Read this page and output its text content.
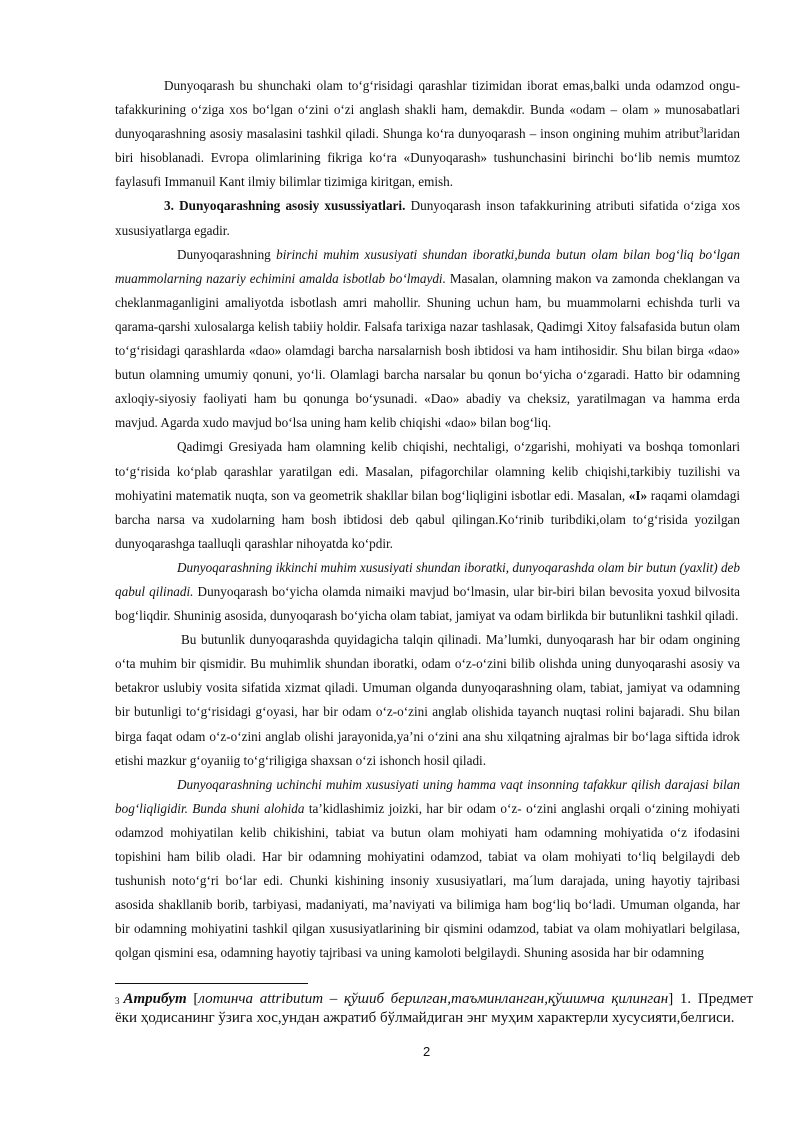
Dunyoqarash bu shunchaki olam to‘g‘risidagi qarashlar tizimidan iborat emas,balki unda odamzod ongu-tafakkurining o‘ziga xos bo‘lgan o‘zini o‘zi anglash shakli ham, demakdir. Bunda «odam – olam » munosabatlari dunyoqarashning asosiy masalasini tashkil qiladi. Shunga ko‘ra dunyoqarash – inson ongining muhim atribut$^3$laridan biri hisoblanadi. Evropa olimlarining fikriga ko‘ra «Dunyoqarash» tushunchasini birinchi bo‘lib nemis mumtoz faylasufi Immanuil Kant ilmiy bilimlar tizimiga kiritgan, emish.

3. Dunyoqarashning asosiy xusussiyatlari. Dunyoqarash inson tafakkurining atributi sifatida o‘ziga xos xususiyatlarga egadir.

Dunyoqarashning birinchi muhim xususiyati shundan iboratki,bunda butun olam bilan bog‘liq bo‘lgan muammolarning nazariy echimini amalda isbotlab bo‘lmaydi. Masalan, olamning makon va zamonda cheklangan va cheklanmaganligini amaliyotda isbotlash amri mahollir. Shuning uchun ham, bu muammolarni echishda turli va qarama-qarshi xulosalarga kelish tabiiy holdir. Falsafa tarixiga nazar tashlasak, Qadimgi Xitoy falsafasida butun olam to‘g‘risidagi qarashlarda «dao» olamdagi barcha narsalarnish bosh ibtidosi va ham intihosidir. Shu bilan birga «dao» butun olamning umumiy qonuni, yo‘li. Olamlagi barcha narsalar bu qonun bo‘yicha o‘zgaradi. Hatto bir odamning axloqiy-siyosiy faoliyati ham bu qonunga bo‘ysunadi. «Dao» abadiy va cheksiz, yaratilmagan va hamma erda mavjud. Agarda xudo mavjud bo‘lsa uning ham kelib chiqishi «dao» bilan bog‘liq.

Qadimgi Gresiyada ham olamning kelib chiqishi, nechtaligi, o‘zgarishi, mohiyati va boshqa tomonlari to‘g‘risida ko‘plab qarashlar yaratilgan edi. Masalan, pifagorchilar olamning kelib chiqishi,tarkibiy tuzilishi va mohiyatini matematik nuqta, son va geometrik shakllar bilan bog‘liqligini isbotlar edi. Masalan, «I» raqami olamdagi barcha narsa va xudolarning ham bosh ibtidosi deb qabul qilingan.Ko‘rinib turibdiki,olam to‘g‘risida yozilgan dunyoqarashga taalluqli qarashlar nihoyatda ko‘pdir.

Dunyoqarashning ikkinchi muhim xususiyati shundan iboratki, dunyoqarashda olam bir butun (yaxlit) deb qabul qilinadi. Dunyoqarash bo‘yicha olamda nimaiki mavjud bo‘lmasin, ular bir-biri bilan bevosita yoxud bilvosita bog‘liqdir. Shuninig asosida, dunyoqarash bo‘yicha olam tabiat, jamiyat va odam birlikda bir butunlikni tashkil qiladi.

Bu butunlik dunyoqarashda quyidagicha talqin qilinadi. Ma’lumki, dunyoqarash har bir odam ongining o‘ta muhim bir qismidir. Bu muhimlik shundan iboratki, odam o‘z-o‘zini bilib olishda uning dunyoqarashi asosiy va betakror uslubiy vosita sifatida xizmat qiladi. Umuman olganda dunyoqarashning olam, tabiat, jamiyat va odamning bir butunligi to‘g‘risidagi g‘oyasi, har bir odam o‘z-o‘zini anglab olishida tayanch nuqtasi rolini bajaradi. Shu bilan birga faqat odam o‘z-o‘zini anglab olishi jarayonida,ya’ni o‘zini ana shu xilqatning ajralmas bir bo‘laga siftida idrok etishi mazkur g‘oyaniig to‘g‘riligiga shaxsan o‘zi ishonch hosil qiladi.

Dunyoqarashning uchinchi muhim xususiyati uning hamma vaqt insonning tafakkur qilish darajasi bilan bog‘liqligidir. Bunda shuni alohida ta’kidlashimiz joizki, har bir odam o‘z- o‘zini anglashi orqali o‘zining mohiyati odamzod mohiyatilan kelib chikishini, tabiat va butun olam mohiyati ham odamning mohiyatida o‘z ifodasini topishini ham bilib oladi. Har bir odamning mohiyatini odamzod, tabiat va olam mohiyati to‘liq belgilaydi deb tushunish noto‘g‘ri bo‘lar edi. Chunki kishining insoniy xususiyatlari, ma´lum darajada, uning hayotiy tajribasi asosida shakllanib borib, tarbiyasi, madaniyati, ma’naviyati va bilimiga ham bog‘liq bo‘ladi. Umuman olganda, har bir odamning mohiyatini tashkil qilgan xususiyatlarining bir qismini odamzod, tabiat va olam mohiyatlari belgilasa, qolgan qismini esa, odamning hayotiy tajribasi va uning kamoloti belgilaydi. Shuning asosida har bir odamning

$^3$ Атрибут [лотинча attributum – қўшиб берилган,таъминланган,қўшимча қилинган] 1. Предмет ёки ҳодисанинг ўзига хос,ундан ажратиб бўлмайдиган энг муҳим характерли хусусияти,белгиси.

2
